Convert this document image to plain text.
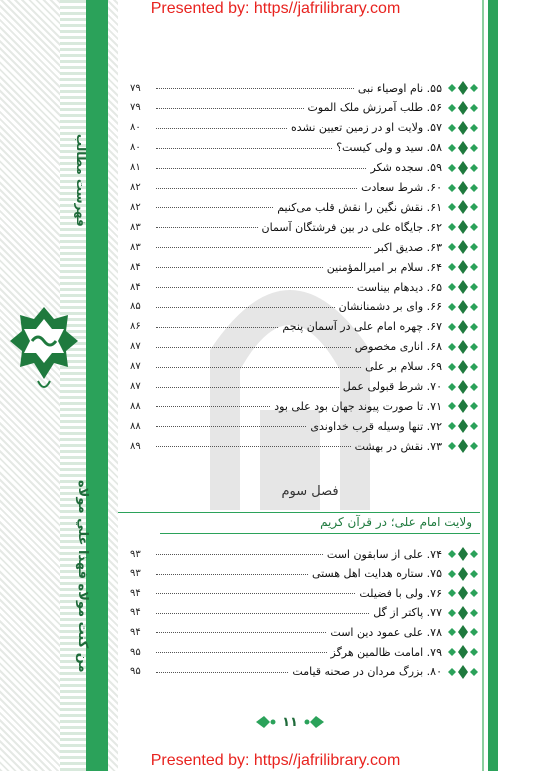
Presented by: https//jafrilibrary.com
فهرست مطالب
من كنت مولاه فهذا علي مولاه
۷۹	۵۵. نام اوصیاء نبی
۷۹	۵۶. طلب آمرزش ملک الموت
۸۰	۵۷. ولایت او در زمین تعیین نشده
۸۰	۵۸. سید و ولی کیست؟
۸۱	۵۹. سجده شکر
۸۲	۶۰. شرط سعادت
۸۲	۶۱. نقش نگین را نقش قلب می‌کنیم
۸۳	۶۲. جایگاه علی در بین فرشتگان آسمان
۸۳	۶۳. صدیق اکبر
۸۴	۶۴. سلام بر امیرالمؤمنین
۸۴	۶۵. دیدهام بیناست
۸۵	۶۶. وای بر دشمنانشان
۸۶	۶۷. چهره امام علی در آسمان پنجم
۸۷	۶۸. اناری مخصوص
۸۷	۶۹. سلام بر علی
۸۷	۷۰. شرط قبولی عمل
۸۸	۷۱. تا صورت پیوند جهان بود علی بود
۸۸	۷۲. تنها وسیله قرب خداوندی
۸۹	۷۳. نقش در بهشت
۹۳	۷۴. علی از سابقون است
۹۳	۷۵. ستاره هدایت اهل هستی
۹۴	۷۶. ولی با فضیلت
۹۴	۷۷. پاکتر از گل
۹۴	۷۸. علی عمود دین است
۹۵	۷۹. امامت ظالمین هرگز
۹۵	۸۰. بزرگ مردان در صحنه قیامت
فصل سوم
ولایت امام علی؛ در قرآن کریم
۱۱
Presented by: https//jafrilibrary.com
